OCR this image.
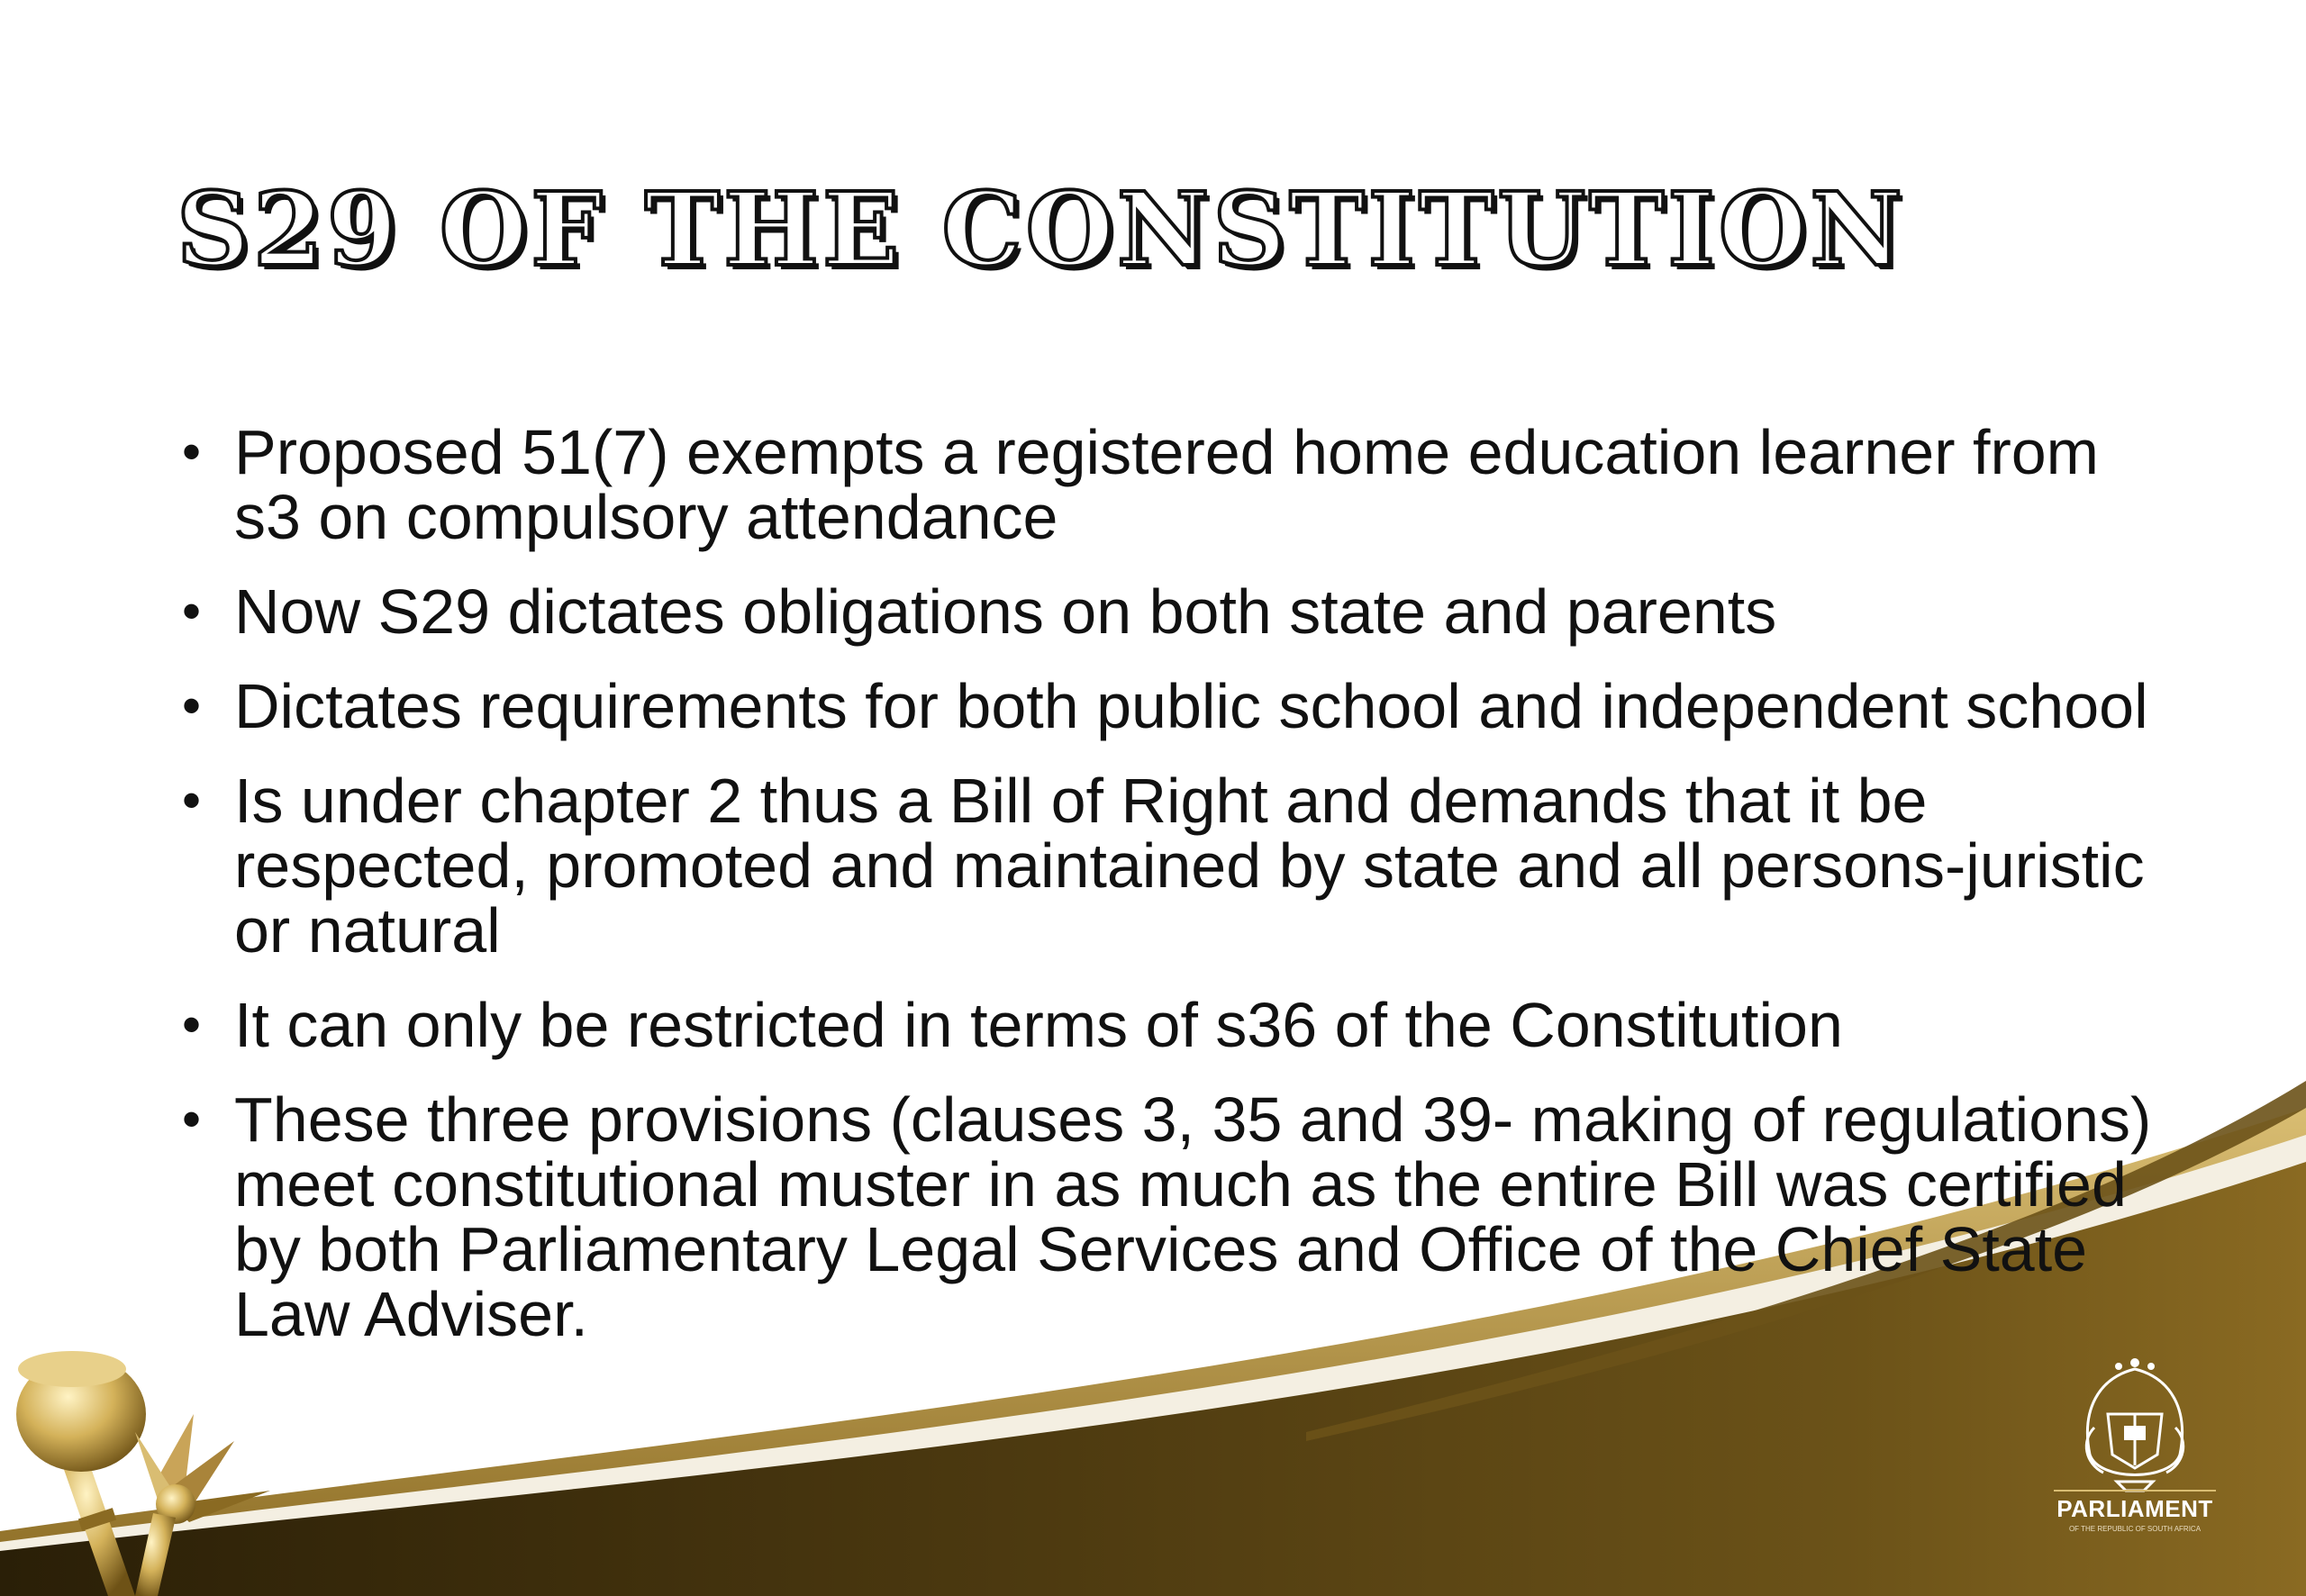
S29 OF THE CONSTITUTION
• Proposed 51(7) exempts a registered home education learner from s3 on compulsory attendance
• Now S29 dictates obligations on both state and parents
• Dictates requirements for both public school and independent school
• Is under chapter 2 thus a Bill of Right and demands that it be respected, promoted and maintained by state and all persons-juristic or natural
• It can only be restricted in terms of s36 of the Constitution
• These three provisions (clauses 3, 35 and 39- making of regulations) meet constitutional muster in as much as the entire Bill was certified by both Parliamentary Legal Services and Office of the Chief State Law Adviser.
PARLIAMENT
OF THE REPUBLIC OF SOUTH AFRICA
